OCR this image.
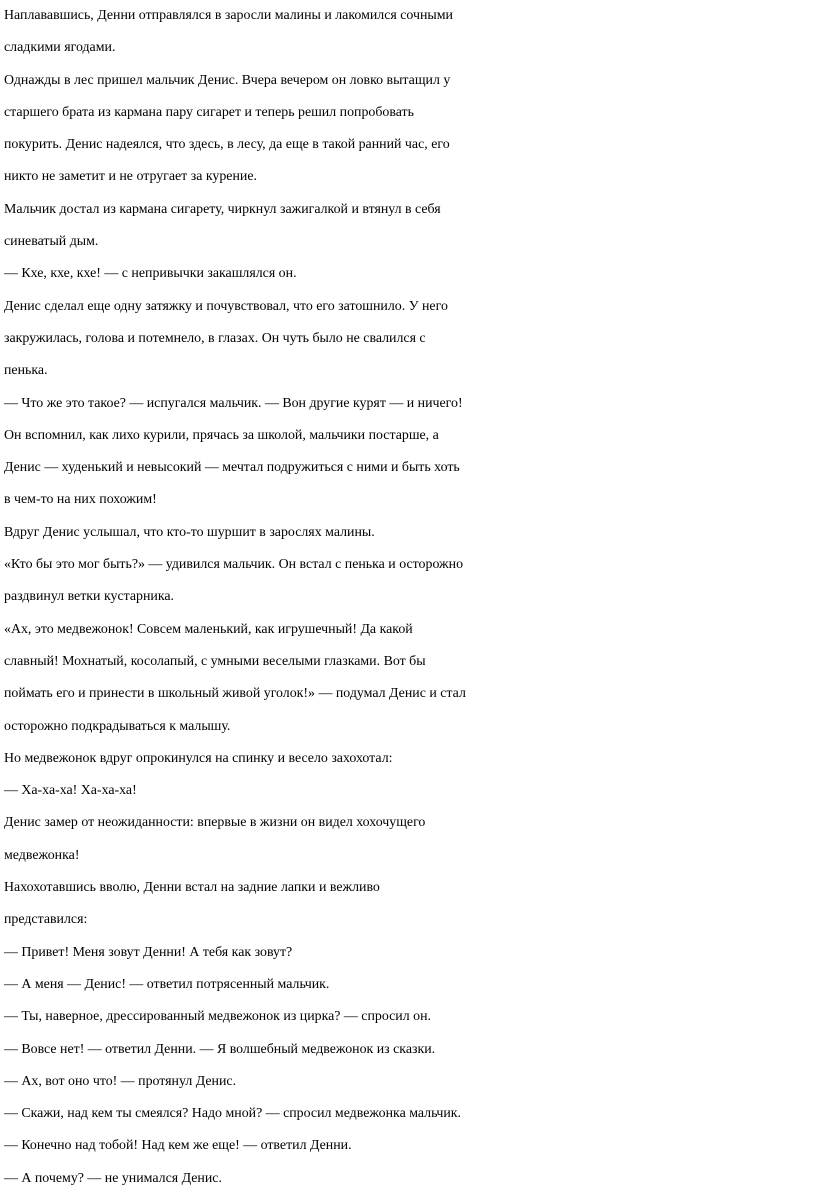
Наплававшись, Денни отправлялся в заросли малины и лакомился сочными
сладкими ягодами.
Однажды в лес пришел мальчик Денис. Вчера вечером он ловко вытащил у
старшего брата из кармана пару сигарет и теперь решил попробовать
покурить. Денис надеялся, что здесь, в лесу, да еще в такой ранний час, его
никто не заметит и не отругает за курение.
Мальчик достал из кармана сигарету, чиркнул зажигалкой и втянул в себя
синеватый дым.
— Кхе, кхе, кхе! — с непривычки закашлялся он.
Денис сделал еще одну затяжку и почувствовал, что его затошнило. У него
закружилась, голова и потемнело, в глазах. Он чуть было не свалился с
пенька.
— Что же это такое? — испугался мальчик. — Вон другие курят — и ничего!
Он вспомнил, как лихо курили, прячась за школой, мальчики постарше, а
Денис — худенький и невысокий — мечтал подружиться с ними и быть хоть
в чем-то на них похожим!
Вдруг Денис услышал, что кто-то шуршит в зарослях малины.
«Кто бы это мог быть?» — удивился мальчик. Он встал с пенька и осторожно
раздвинул ветки кустарника.
«Ах, это медвежонок! Совсем маленький, как игрушечный! Да какой
славный! Мохнатый, косолапый, с умными веселыми глазками. Вот бы
поймать его и принести в школьный живой уголок!» — подумал Денис и стал
осторожно подкрадываться к малышу.
Но медвежонок вдруг опрокинулся на спинку и весело захохотал:
— Ха-ха-ха! Ха-ха-ха!
Денис замер от неожиданности: впервые в жизни он видел хохочущего
медвежонка!
Нахохотавшись вволю, Денни встал на задние лапки и вежливо
представился:
— Привет! Меня зовут Денни! А тебя как зовут?
— А меня — Денис! — ответил потрясенный мальчик.
— Ты, наверное, дрессированный медвежонок из цирка? — спросил он.
— Вовсе нет! — ответил Денни. — Я волшебный медвежонок из сказки.
— Ах, вот оно что! — протянул Денис.
— Скажи, над кем ты смеялся? Надо мной? — спросил медвежонка мальчик.
— Конечно над тобой! Над кем же еще! — ответил Денни.
— А почему? — не унимался Денис.
